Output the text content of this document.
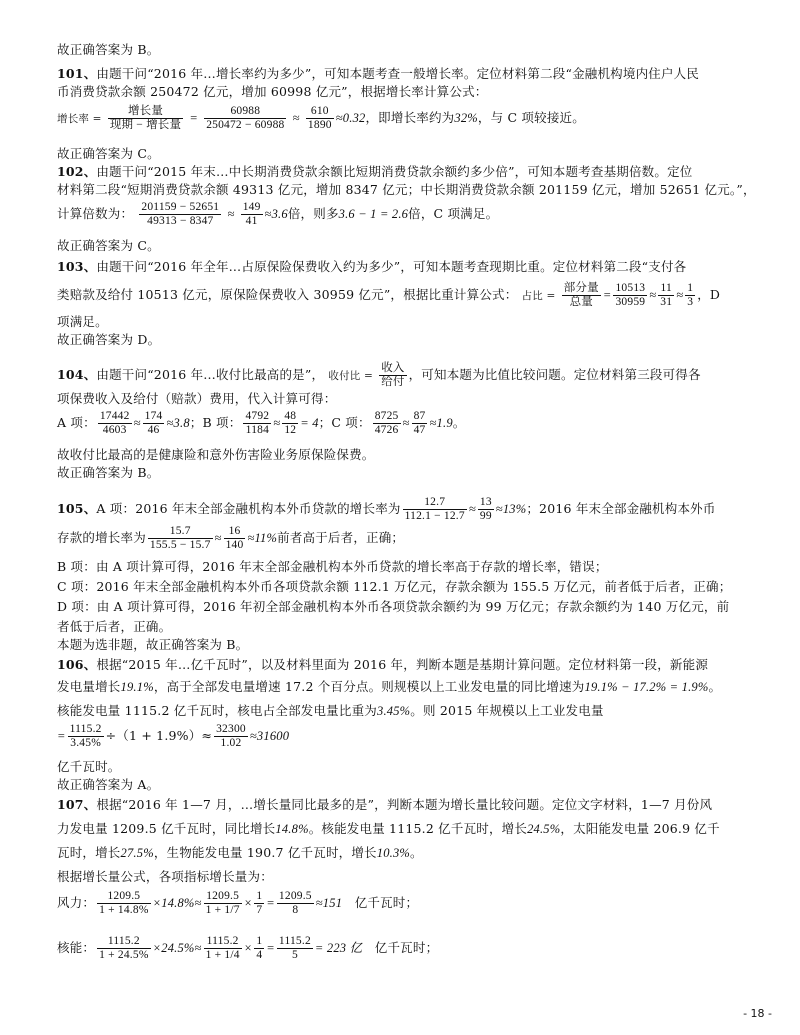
故正确答案为 B。
101、由题干问“2016 年…增长率约为多少”，可知本题考查一般增长率。定位材料第二段“金融机构境内住户人民
币消费贷款余额 250472 亿元，增加 60998 亿元”，根据增长率计算公式：
增长率 = $\frac{\text{增长量}}{\text{现期 − 增长量}} = \frac{60988}{250472 - 60988} \approx \frac{610}{1890} \approx 0.32$，即增长率约为32%，与 C 项较接近。
故正确答案为 C。
102、由题干问“2015 年末…中长期消费贷款余额比短期消费贷款余额约多少倍”，可知本题考查基期倍数。定位
材料第二段“短期消费贷款余额 49313 亿元，增加 8347 亿元；中长期消费贷款余额 201159 亿元，增加 52651 亿元。”，
计算倍数为： $\frac{201159 - 52651}{49313 - 8347} \approx \frac{149}{41} \approx 3.6$倍，则多3.6 − 1 = 2.6倍，C 项满足。
故正确答案为 C。
103、由题干问“2016 年全年…占原保险保费收入约为多少”，可知本题考查现期比重。定位材料第二段“支付各
类赔款及给付 10513 亿元，原保险保费收入 30959 亿元”，根据比重计算公式： 占比 = $\frac{\text{部分量}}{\text{总量}} = \frac{10513}{30959} \approx \frac{11}{31} \approx \frac{1}{3}$ ，D
项满足。
故正确答案为 D。
104、由题干问“2016 年…收付比最高的是”， 收付比 = $\frac{\text{收入}}{\text{给付}}$ ，可知本题为比值比较问题。定位材料第三段可得各
项保费收入及给付（赔款）费用，代入计算可得：
A 项： $\frac{17442}{4603} \approx \frac{174}{46} \approx 3.8$；B 项： $\frac{4792}{1184} \approx \frac{48}{12} = 4$；C 项： $\frac{8725}{4726} \approx \frac{87}{47} \approx 1.9$。
故收付比最高的是健康险和意外伤害险业务原保险保费。
故正确答案为 B。
105、A 项：2016 年末全部金融机构本外币贷款的增长率为 $\frac{12.7}{112.1 - 12.7} \approx \frac{13}{99} \approx 13\%$；2016 年末全部金融机构本外币
存款的增长率为 $\frac{15.7}{155.5 - 15.7} \approx \frac{16}{140} \approx 11\%$前者高于后者，正确；
B 项：由 A 项计算可得，2016 年末全部金融机构本外币贷款的增长率高于存款的增长率，错误；
C 项：2016 年末全部金融机构本外币各项贷款余额 112.1 万亿元，存款余额为 155.5 万亿元，前者低于后者，正确；
D 项：由 A 项计算可得，2016 年初全部金融机构本外币各项贷款余额约为 99 万亿元；存款余额约为 140 万亿元，前
者低于后者，正确。
本题为选非题，故正确答案为 B。
106、根据“2015 年…亿千瓦时”，以及材料里面为 2016 年，判断本题是基期计算问题。定位材料第一段，新能源
发电量增长19.1%，高于全部发电量增速 17.2 个百分点。则规模以上工业发电量的同比增速为19.1% − 17.2% = 1.9%。
核能发电量 1115.2 亿千瓦时，核电占全部发电量比重为3.45%。则 2015 年规模以上工业发电量
= $\frac{1115.2}{3.45\%} \div(1 + 1.9\%)\approx \frac{32300}{1.02} \approx 31600$
亿千瓦时。
故正确答案为 A。
107、根据“2016 年 1—7 月，…增长量同比最多的是”，判断本题为增长量比较问题。定位文字材料，1—7 月份风
力发电量 1209.5 亿千瓦时，同比增长14.8%。核能发电量 1115.2 亿千瓦时，增长24.5%，太阳能发电量 206.9 亿千
瓦时，增长27.5%，生物能发电量 190.7 亿千瓦时，增长10.3%。
根据增长量公式，各项指标增长量为：
风力： $\frac{1209.5}{1 + 14.8\%} \times 14.8\%\approx \frac{1209.5}{1 + 1/7} \times \frac{1}{7} = \frac{1209.5}{8} \approx 151$ 亿千瓦时；
核能： $\frac{1115.2}{1 + 24.5\%} \times 24.5\%\approx \frac{1115.2}{1 + 1/4} \times \frac{1}{4} = \frac{1115.2}{5} = 223$ 亿 亿千瓦时；
- 18 -
